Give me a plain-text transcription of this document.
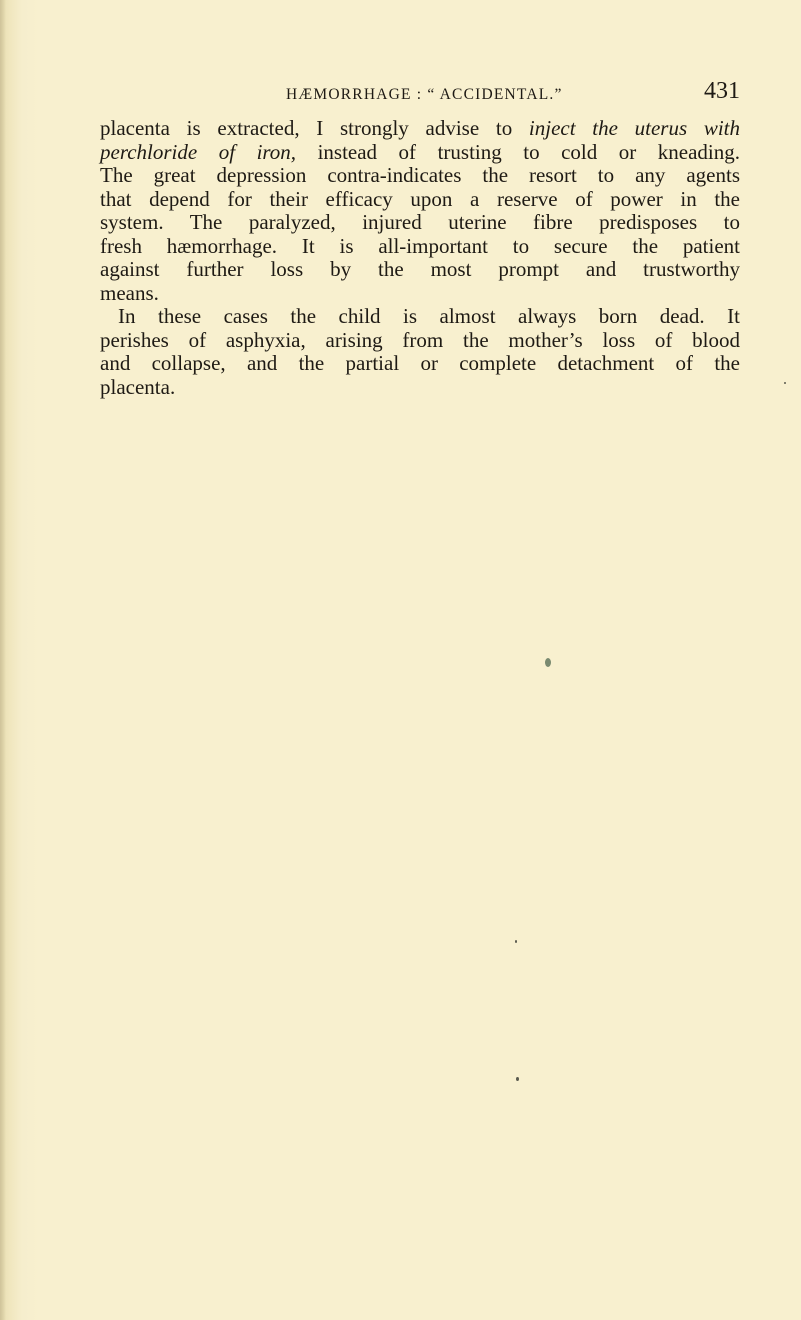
HÆMORRHAGE : “ ACCIDENTAL.”	431
placenta is extracted, I strongly advise to inject the uterus with
perchloride of iron, instead of trusting to cold or kneading.
The great depression contra-indicates the resort to any agents
that depend for their efficacy upon a reserve of power in the
system. The paralyzed, injured uterine fibre predisposes to
fresh hæmorrhage. It is all-important to secure the patient
against further loss by the most prompt and trustworthy
means.
In these cases the child is almost always born dead. It
perishes of asphyxia, arising from the mother’s loss of blood
and collapse, and the partial or complete detachment of the
placenta.
